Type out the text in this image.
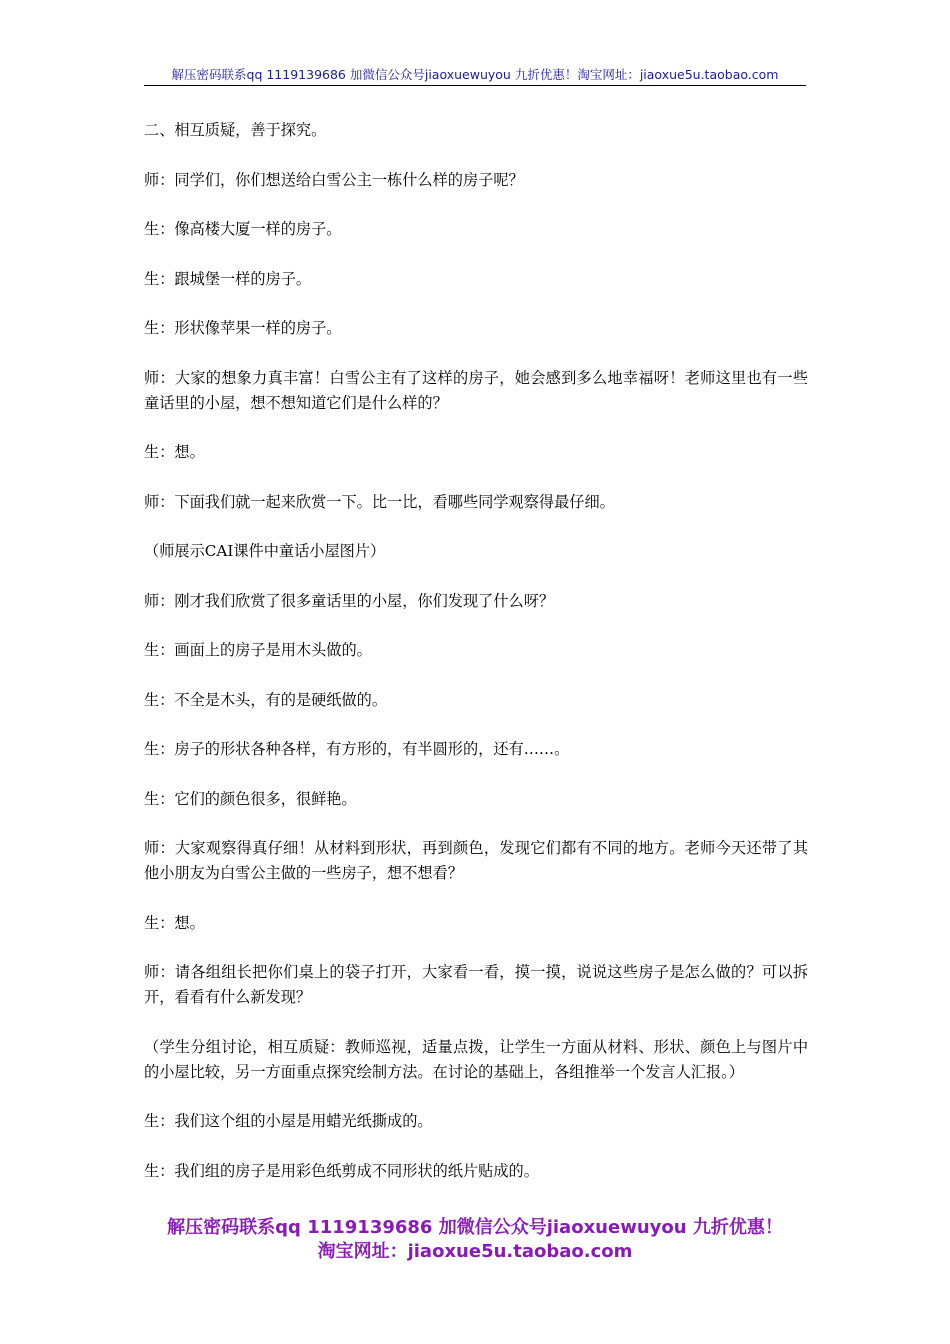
解压密码联系qq 1119139686 加微信公众号jiaoxuewuyou 九折优惠！淘宝网址：jiaoxue5u.taobao.com

二、相互质疑，善于探究。

师：同学们，你们想送给白雪公主一栋什么样的房子呢？

生：像高楼大厦一样的房子。

生：跟城堡一样的房子。

生：形状像苹果一样的房子。

师：大家的想象力真丰富！白雪公主有了这样的房子，她会感到多么地幸福呀！老师这里也有一些童话里的小屋，想不想知道它们是什么样的？

生：想。

师：下面我们就一起来欣赏一下。比一比，看哪些同学观察得最仔细。

（师展示CAI课件中童话小屋图片）

师：刚才我们欣赏了很多童话里的小屋，你们发现了什么呀？

生：画面上的房子是用木头做的。

生：不全是木头，有的是硬纸做的。

生：房子的形状各种各样，有方形的，有半圆形的，还有……。

生：它们的颜色很多，很鲜艳。

师：大家观察得真仔细！从材料到形状，再到颜色，发现它们都有不同的地方。老师今天还带了其他小朋友为白雪公主做的一些房子，想不想看？

生：想。

师：请各组组长把你们桌上的袋子打开，大家看一看，摸一摸，说说这些房子是怎么做的？可以拆开，看看有什么新发现？

（学生分组讨论，相互质疑：教师巡视，适量点拨，让学生一方面从材料、形状、颜色上与图片中的小屋比较，另一方面重点探究绘制方法。在讨论的基础上，各组推举一个发言人汇报。）

生：我们这个组的小屋是用蜡光纸撕成的。

生：我们组的房子是用彩色纸剪成不同形状的纸片贴成的。

解压密码联系qq 1119139686 加微信公众号jiaoxuewuyou 九折优惠！
淘宝网址：jiaoxue5u.taobao.com
